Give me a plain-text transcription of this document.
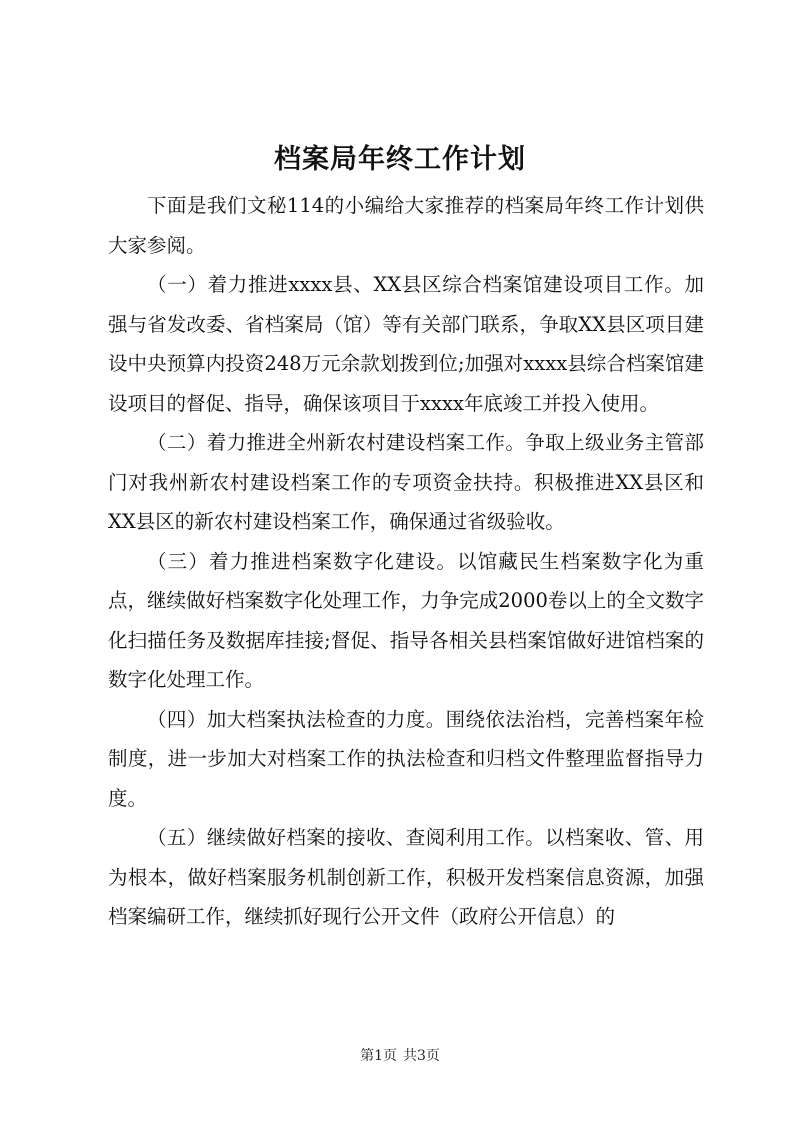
档案局年终工作计划

下面是我们文秘114的小编给大家推荐的档案局年终工作计划供大家参阅。

（一）着力推进xxxx县、XX县区综合档案馆建设项目工作。加强与省发改委、省档案局（馆）等有关部门联系，争取XX县区项目建设中央预算内投资248万元余款划拨到位;加强对xxxx县综合档案馆建设项目的督促、指导，确保该项目于xxxx年底竣工并投入使用。

（二）着力推进全州新农村建设档案工作。争取上级业务主管部门对我州新农村建设档案工作的专项资金扶持。积极推进XX县区和XX县区的新农村建设档案工作，确保通过省级验收。

（三）着力推进档案数字化建设。以馆藏民生档案数字化为重点，继续做好档案数字化处理工作，力争完成2000卷以上的全文数字化扫描任务及数据库挂接;督促、指导各相关县档案馆做好进馆档案的数字化处理工作。

（四）加大档案执法检查的力度。围绕依法治档，完善档案年检制度，进一步加大对档案工作的执法检查和归档文件整理监督指导力度。

（五）继续做好档案的接收、查阅利用工作。以档案收、管、用为根本，做好档案服务机制创新工作，积极开发档案信息资源，加强档案编研工作，继续抓好现行公开文件（政府公开信息）的

第1页 共3页
